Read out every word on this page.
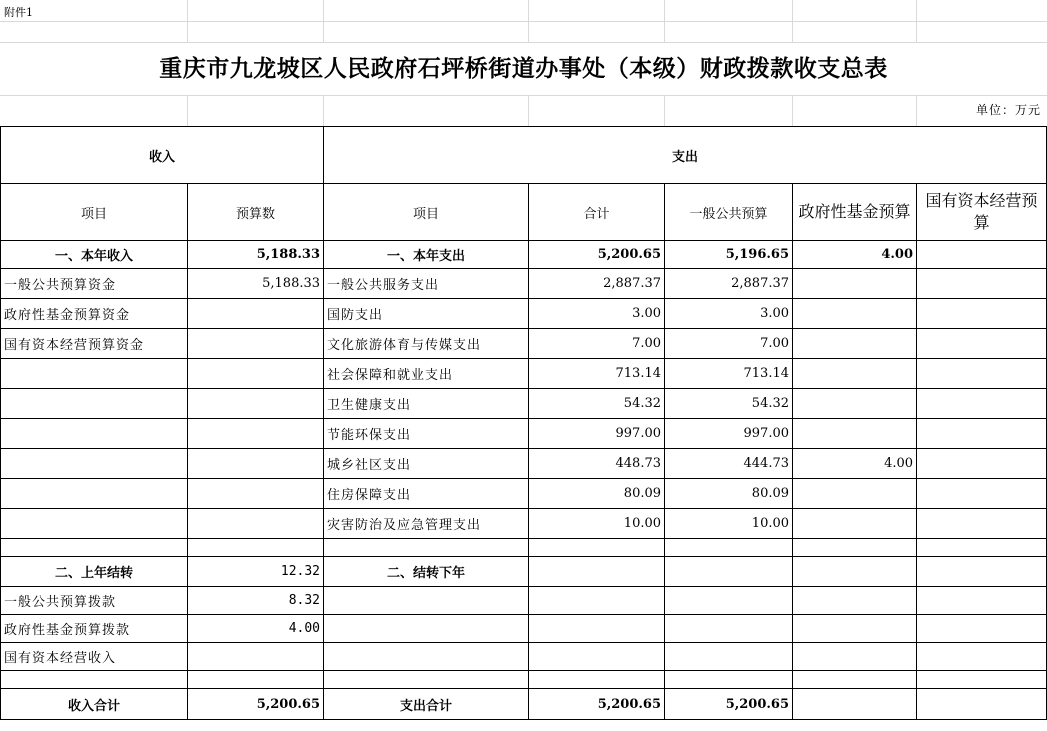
附件1
重庆市九龙坡区人民政府石坪桥街道办事处（本级）财政拨款收支总表
单位：万元
收入		支出				
项目	预算数	项目	合计	一般公共预算	政府性基金预算	国有资本经营预算
一、本年收入	5,188.33	一、本年支出	5,200.65	5,196.65	4.00	
一般公共预算资金	5,188.33	一般公共服务支出	2,887.37	2,887.37		
政府性基金预算资金		国防支出	3.00	3.00		
国有资本经营预算资金		文化旅游体育与传媒支出	7.00	7.00		
		社会保障和就业支出	713.14	713.14		
		卫生健康支出	54.32	54.32		
		节能环保支出	997.00	997.00		
		城乡社区支出	448.73	444.73	4.00	
		住房保障支出	80.09	80.09		
		灾害防治及应急管理支出	10.00	10.00		

二、上年结转	12.32	二、结转下年				
一般公共预算拨款	8.32					
政府性基金预算拨款	4.00					
国有资本经营收入						

收入合计	5,200.65	支出合计	5,200.65	5,200.65		
